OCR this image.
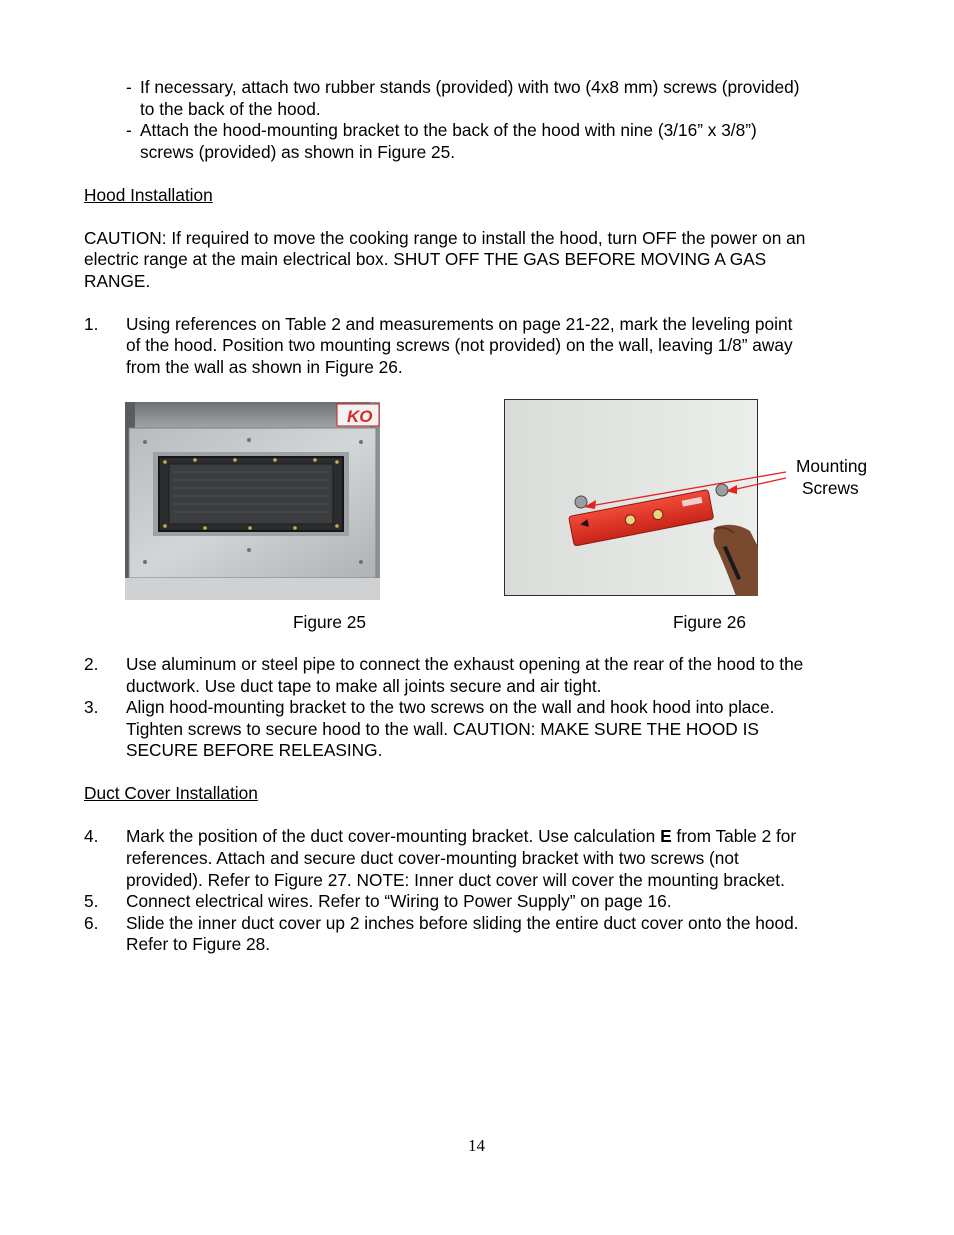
- If necessary, attach two rubber stands (provided) with two (4x8 mm) screws (provided)
to the back of the hood.
- Attach the hood-mounting bracket to the back of the hood with nine (3/16” x 3/8”)
screws (provided) as shown in Figure 25.
Hood Installation
CAUTION: If required to move the cooking range to install the hood, turn OFF the power on an
electric range at the main electrical box. SHUT OFF THE GAS BEFORE MOVING A GAS
RANGE.
1. Using references on Table 2 and measurements on page 21-22, mark the leveling point
of the hood. Position two mounting screws (not provided) on the wall, leaving 1/8” away
from the wall as shown in Figure 26.
KO
Mounting
Screws
Figure 25	Figure 26
2. Use aluminum or steel pipe to connect the exhaust opening at the rear of the hood to the
ductwork. Use duct tape to make all joints secure and air tight.
3. Align hood-mounting bracket to the two screws on the wall and hook hood into place.
Tighten screws to secure hood to the wall. CAUTION: MAKE SURE THE HOOD IS
SECURE BEFORE RELEASING.
Duct Cover Installation
4. Mark the position of the duct cover-mounting bracket. Use calculation E from Table 2 for
references. Attach and secure duct cover-mounting bracket with two screws (not
provided). Refer to Figure 27. NOTE: Inner duct cover will cover the mounting bracket.
5. Connect electrical wires. Refer to “Wiring to Power Supply” on page 16.
6. Slide the inner duct cover up 2 inches before sliding the entire duct cover onto the hood.
Refer to Figure 28.
14
